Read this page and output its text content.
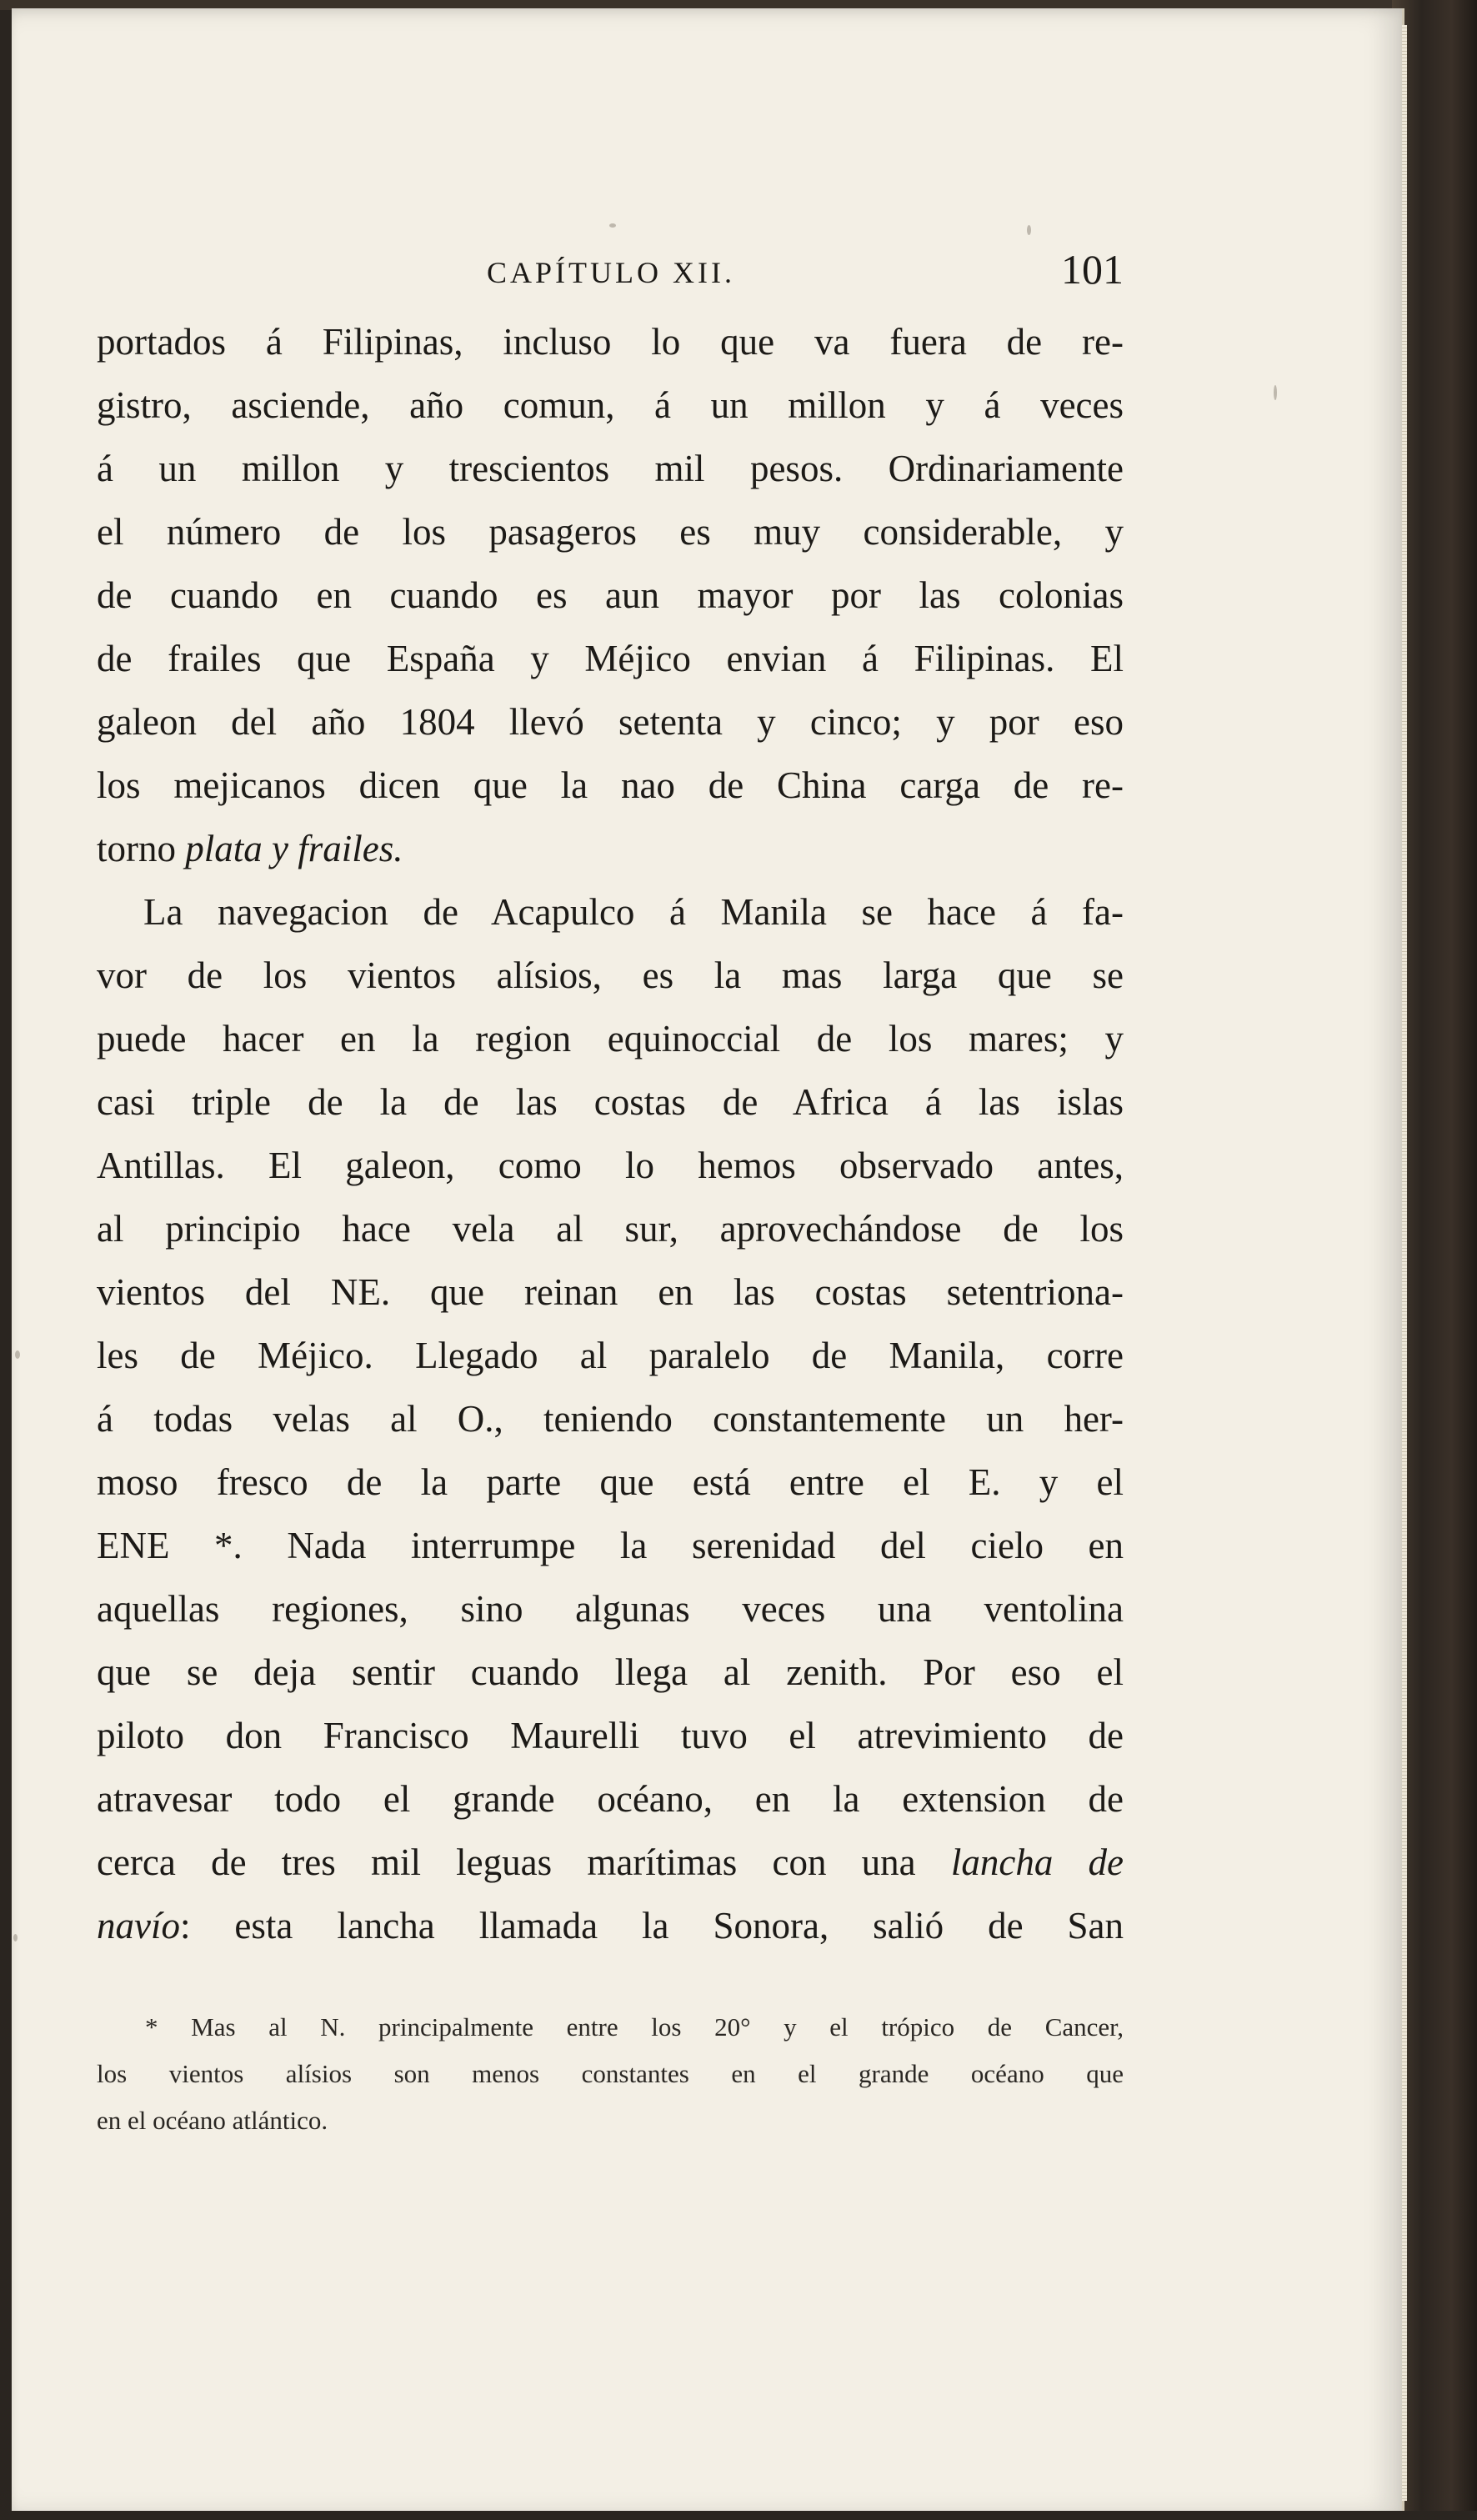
CAPÍTULO XII.	101
portados á Filipinas, incluso lo que va fuera de re-
gistro, asciende, año comun, á un millon y á veces
á un millon y trescientos mil pesos. Ordinariamente
el número de los pasageros es muy considerable, y
de cuando en cuando es aun mayor por las colonias
de frailes que España y Méjico envian á Filipinas. El
galeon del año 1804 llevó setenta y cinco; y por eso
los mejicanos dicen que la nao de China carga de re-
torno plata y frailes.
La navegacion de Acapulco á Manila se hace á fa-
vor de los vientos alísios, es la mas larga que se
puede hacer en la region equinoccial de los mares; y
casi triple de la de las costas de Africa á las islas
Antillas. El galeon, como lo hemos observado antes,
al principio hace vela al sur, aprovechándose de los
vientos del NE. que reinan en las costas setentriona-
les de Méjico. Llegado al paralelo de Manila, corre
á todas velas al O., teniendo constantemente un her-
moso fresco de la parte que está entre el E. y el
ENE *. Nada interrumpe la serenidad del cielo en
aquellas regiones, sino algunas veces una ventolina
que se deja sentir cuando llega al zenith. Por eso el
piloto don Francisco Maurelli tuvo el atrevimiento de
atravesar todo el grande océano, en la extension de
cerca de tres mil leguas marítimas con una lancha de
navío: esta lancha llamada la Sonora, salió de San
* Mas al N. principalmente entre los 20° y el trópico de Cancer,
los vientos alísios son menos constantes en el grande océano que
en el océano atlántico.
